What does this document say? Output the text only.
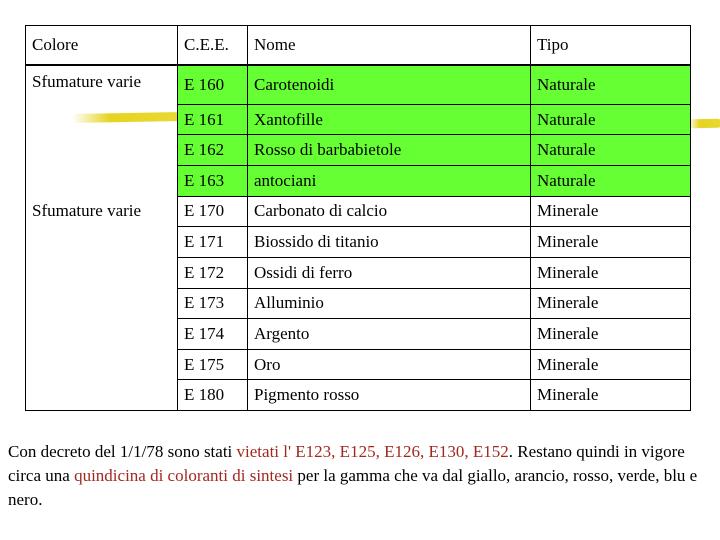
Colore	C.E.E.	Nome	Tipo
Sfumature varie	E 160	Carotenoidi	Naturale
	E 161	Xantofille	Naturale
	E 162	Rosso di barbabietole	Naturale
	E 163	antociani	Naturale
Sfumature varie	E 170	Carbonato di calcio	Minerale
	E 171	Biossido di titanio	Minerale
	E 172	Ossidi di ferro	Minerale
	E 173	Alluminio	Minerale
	E 174	Argento	Minerale
	E 175	Oro	Minerale
	E 180	Pigmento rosso	Minerale

Con decreto del 1/1/78 sono stati vietati l' E123, E125, E126, E130, E152. Restano quindi in vigore circa una quindicina di coloranti di sintesi per la gamma che va dal giallo, arancio, rosso, verde, blu e nero.
